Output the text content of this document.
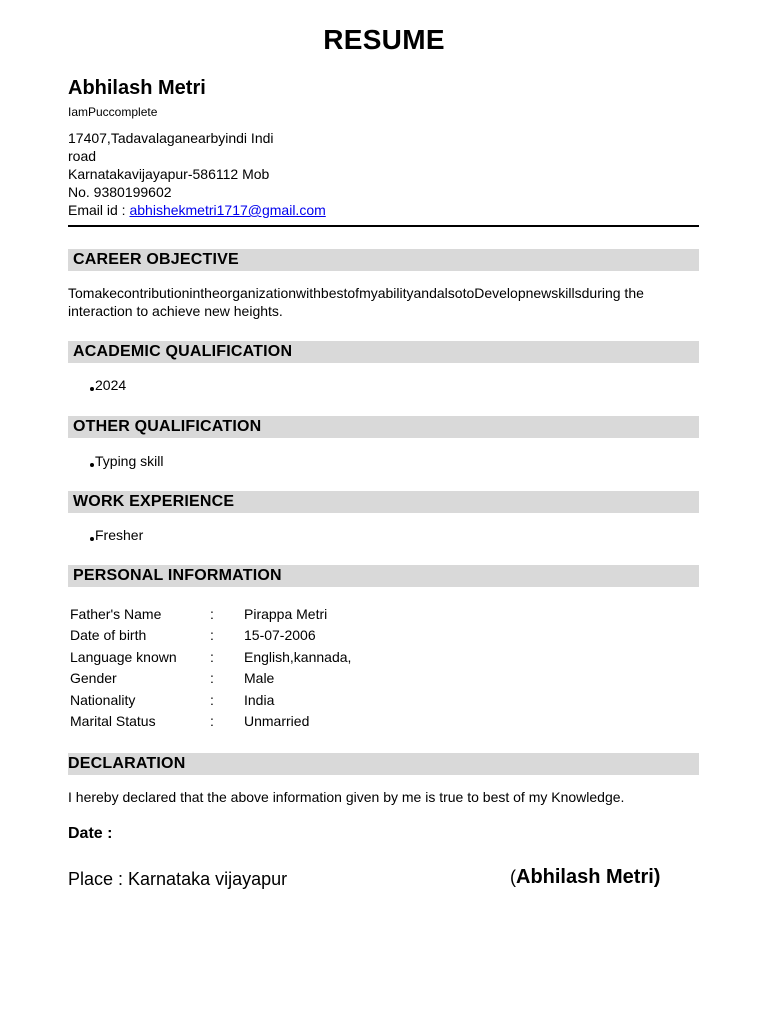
RESUME
Abhilash Metri
IamPuccomplete
17407,Tadavalaganearbyindi Indi
road
Karnatakavijayapur-586112 Mob
No. 9380199602
Email id : abhishekmetri1717@gmail.com
CAREER OBJECTIVE
Tomakecontributionintheorganizationwithbestofmyabilityandalsoto​Developnewskillsduring the interaction to achieve new heights.
ACADEMIC QUALIFICATION
2024
OTHER QUALIFICATION
Typing skill
WORK EXPERIENCE
Fresher
PERSONAL INFORMATION
Father's Name	:	Pirappa Metri
Date of birth	:	15-07-2006
Language known	:	English,kannada,
Gender	:	Male
Nationality	:	India
Marital Status	:	Unmarried
DECLARATION
I hereby declared that the above information given by me is true to best of my Knowledge.
Date :
Place : Karnataka vijayapur	(Abhilash Metri)
